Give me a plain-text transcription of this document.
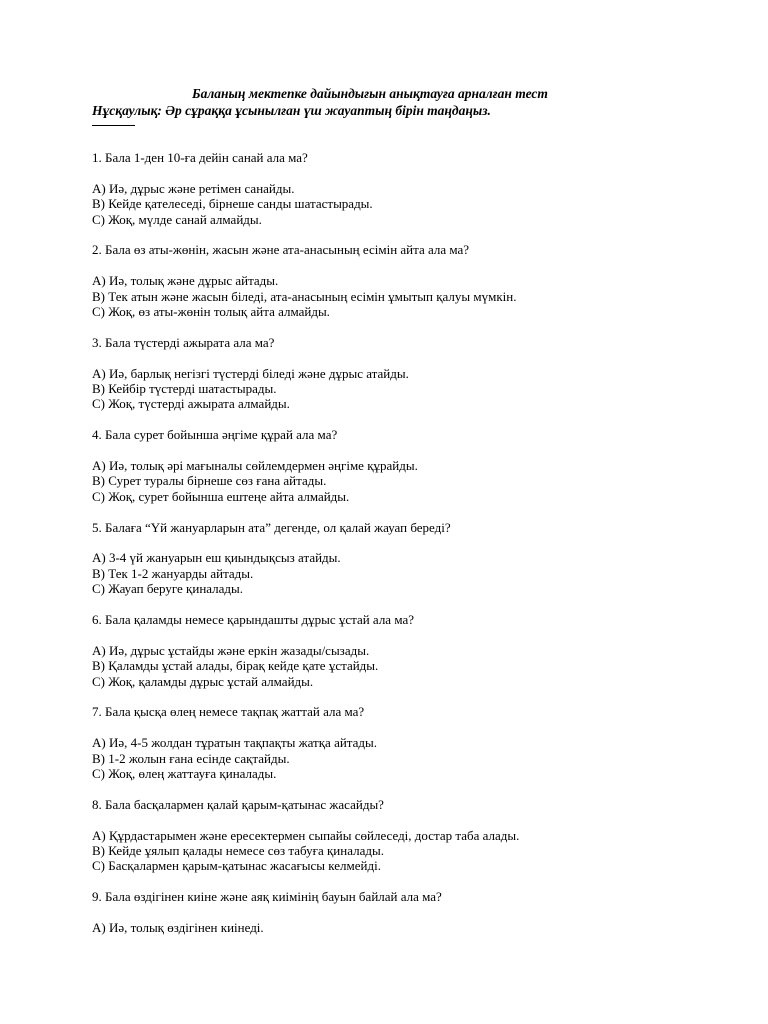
Баланың мектепке дайындығын анықтауға арналған тест

Нұсқаулық: Әр сұраққа ұсынылған үш жауаптың бірін таңдаңыз.

1. Бала 1-ден 10-ға дейін санай ала ма?

A) Иә, дұрыс және ретімен санайды.

B) Кейде қателеседі, бірнеше санды шатастырады.

C) Жоқ, мүлде санай алмайды.

2. Бала өз аты-жөнін, жасын және ата-анасының есімін айта ала ма?

A) Иә, толық және дұрыс айтады.

B) Тек атын және жасын біледі, ата-анасының есімін ұмытып қалуы мүмкін.

C) Жоқ, өз аты-жөнін толық айта алмайды.

3. Бала түстерді ажырата ала ма?

A) Иә, барлық негізгі түстерді біледі және дұрыс атайды.

B) Кейбір түстерді шатастырады.

C) Жоқ, түстерді ажырата алмайды.

4. Бала сурет бойынша әңгіме құрай ала ма?

A) Иә, толық әрі мағыналы сөйлемдермен әңгіме құрайды.

B) Сурет туралы бірнеше сөз ғана айтады.

C) Жоқ, сурет бойынша ештеңе айта алмайды.

5. Балаға “Үй жануарларын ата” дегенде, ол қалай жауап береді?

A) 3-4 үй жануарын еш қиындықсыз атайды.

B) Тек 1-2 жануарды айтады.

C) Жауап беруге қиналады.

6. Бала қаламды немесе қарындашты дұрыс ұстай ала ма?

A) Иә, дұрыс ұстайды және еркін жазады/сызады.

B) Қаламды ұстай алады, бірақ кейде қате ұстайды.

C) Жоқ, қаламды дұрыс ұстай алмайды.

7. Бала қысқа өлең немесе тақпақ жаттай ала ма?

A) Иә, 4-5 жолдан тұратын тақпақты жатқа айтады.

B) 1-2 жолын ғана есінде сақтайды.

C) Жоқ, өлең жаттауға қиналады.

8. Бала басқалармен қалай қарым-қатынас жасайды?

A) Құрдастарымен және ересектермен сыпайы сөйлеседі, достар таба алады.

B) Кейде ұялып қалады немесе сөз табуға қиналады.

C) Басқалармен қарым-қатынас жасағысы келмейді.

9. Бала өздігінен киіне және аяқ киімінің бауын байлай ала ма?

A) Иә, толық өздігінен киінеді.
